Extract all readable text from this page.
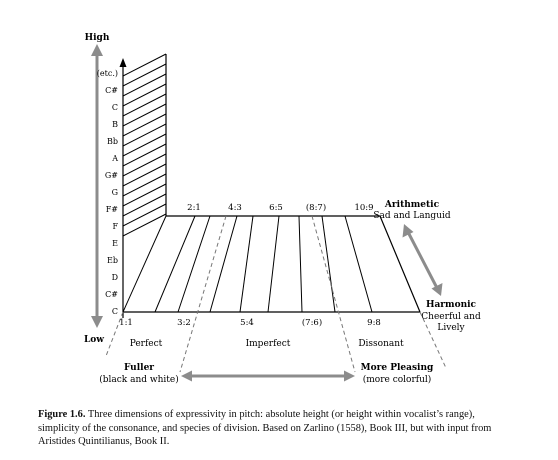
High
Low
C
C#
D
Eb
E
F
F#
G
G#
A
Bb
B
C
C#
(etc.)
2:1	4:3	6:5	(8:7)	10:9
1:1	3:2	5:4	(7:6)	9:8
Perfect	Imperfect	Dissonant
Arithmetic
Sad and Languid
Harmonic
Cheerful and
Lively
Fuller
(black and white)
More Pleasing
(more colorful)
Figure 1.6. Three dimensions of expressivity in pitch: absolute height (or height within vocalist’s range), simplicity of the consonance, and species of division. Based on Zarlino (1558), Book III, but with input from Aristides Quintilianus, Book II.
